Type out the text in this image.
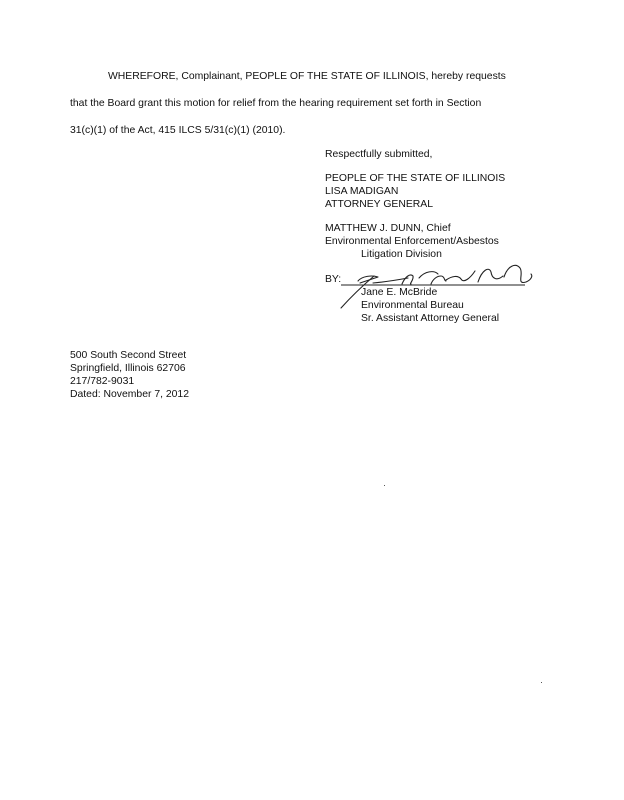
WHEREFORE, Complainant, PEOPLE OF THE STATE OF ILLINOIS, hereby requests
that the Board grant this motion for relief from the hearing requirement set forth in Section
31(c)(1) of the Act, 415 ILCS 5/31(c)(1) (2010).
Respectfully submitted,
PEOPLE OF THE STATE OF ILLINOIS
LISA MADIGAN
ATTORNEY GENERAL
MATTHEW J. DUNN, Chief
Environmental Enforcement/Asbestos
Litigation Division
BY:
Jane E. McBride
Environmental Bureau
Sr. Assistant Attorney General
500 South Second Street
Springfield, Illinois 62706
217/782-9031
Dated: November 7, 2012
